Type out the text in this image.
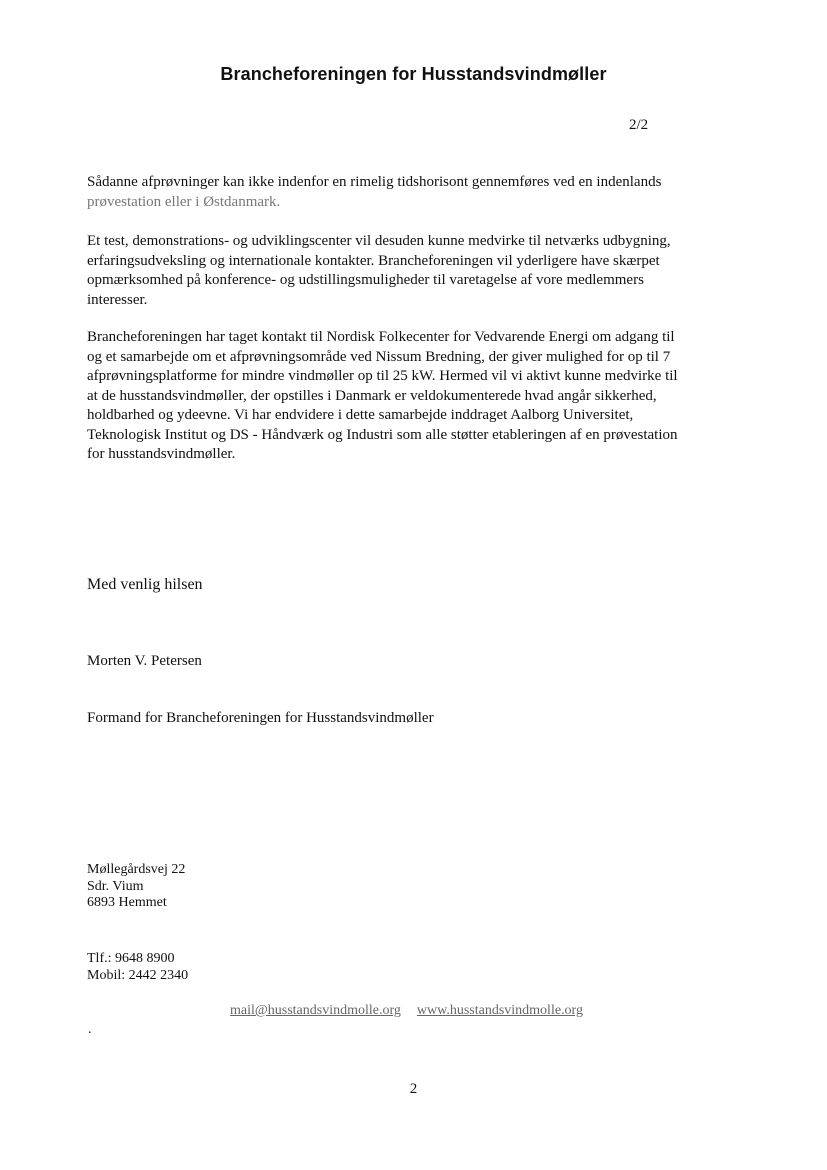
Brancheforeningen for Husstandsvindmøller
2/2
Sådanne afprøvninger kan ikke indenfor en rimelig tidshorisont gennemføres ved en indenlands
prøvestation eller i Østdanmark.
Et test, demonstrations- og udviklingscenter vil desuden kunne medvirke til netværks udbygning,
erfaringsudveksling og internationale kontakter. Brancheforeningen vil yderligere have skærpet
opmærksomhed på konference- og udstillingsmuligheder til varetagelse af vore medlemmers
interesser.
Brancheforeningen har taget kontakt til Nordisk Folkecenter for Vedvarende Energi om adgang til
og et samarbejde om et afprøvningsområde ved Nissum Bredning, der giver mulighed for op til 7
afprøvningsplatforme for mindre vindmøller op til 25 kW. Hermed vil vi aktivt kunne medvirke til
at de husstandsvindmøller, der opstilles i Danmark er veldokumenterede hvad angår sikkerhed,
holdbarhed og ydeevne. Vi har endvidere i dette samarbejde inddraget Aalborg Universitet,
Teknologisk Institut og DS - Håndværk og Industri som alle støtter etableringen af en prøvestation
for husstandsvindmøller.
Med venlig hilsen
Morten V. Petersen
Formand for Brancheforeningen for Husstandsvindmøller
Møllegårdsvej 22
Sdr. Vium
6893 Hemmet
Tlf.: 9648 8900
Mobil: 2442 2340
mail@husstandsvindmolle.org www.husstandsvindmolle.org
.
2
